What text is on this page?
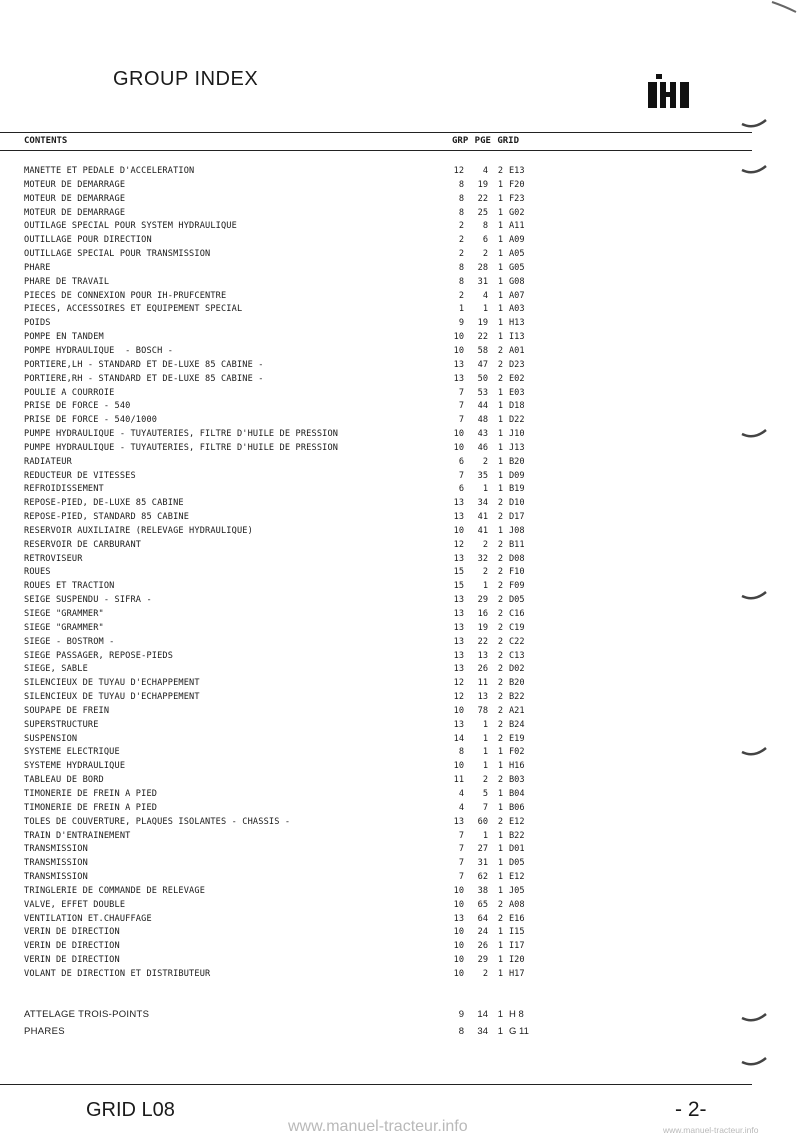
GROUP INDEX
CONTENTS	GRP PGE GRID
MANETTE ET PEDALE D'ACCELERATION	12	4	2 E13
MOTEUR DE DEMARRAGE	8	19	1 F20
MOTEUR DE DEMARRAGE	8	22	1 F23
MOTEUR DE DEMARRAGE	8	25	1 G02
OUTILAGE SPECIAL POUR SYSTEM HYDRAULIQUE	2	8	1 A11
OUTILLAGE POUR DIRECTION	2	6	1 A09
OUTILLAGE SPECIAL POUR TRANSMISSION	2	2	1 A05
PHARE	8	28	1 G05
PHARE DE TRAVAIL	8	31	1 G08
PIECES DE CONNEXION POUR IH-PRUFCENTRE	2	4	1 A07
PIECES, ACCESSOIRES ET EQUIPEMENT SPECIAL	1	1	1 A03
POIDS	9	19	1 H13
POMPE EN TANDEM	10	22	1 I13
POMPE HYDRAULIQUE  - BOSCH -	10	58	2 A01
PORTIERE,LH - STANDARD ET DE-LUXE 85 CABINE -	13	47	2 D23
PORTIERE,RH - STANDARD ET DE-LUXE 85 CABINE -	13	50	2 E02
POULIE A COURROIE	7	53	1 E03
PRISE DE FORCE - 540	7	44	1 D18
PRISE DE FORCE - 540/1000	7	48	1 D22
PUMPE HYDRAULIQUE - TUYAUTERIES, FILTRE D'HUILE DE PRESSION	10	43	1 J10
PUMPE HYDRAULIQUE - TUYAUTERIES, FILTRE D'HUILE DE PRESSION	10	46	1 J13
RADIATEUR	6	2	1 B20
REDUCTEUR DE VITESSES	7	35	1 D09
REFROIDISSEMENT	6	1	1 B19
REPOSE-PIED, DE-LUXE 85 CABINE	13	34	2 D10
REPOSE-PIED, STANDARD 85 CABINE	13	41	2 D17
RESERVOIR AUXILIAIRE (RELEVAGE HYDRAULIQUE)	10	41	1 J08
RESERVOIR DE CARBURANT	12	2	2 B11
RETROVISEUR	13	32	2 D08
ROUES	15	2	2 F10
ROUES ET TRACTION	15	1	2 F09
SEIGE SUSPENDU - SIFRA -	13	29	2 D05
SIEGE "GRAMMER"	13	16	2 C16
SIEGE "GRAMMER"	13	19	2 C19
SIEGE - BOSTROM -	13	22	2 C22
SIEGE PASSAGER, REPOSE-PIEDS	13	13	2 C13
SIEGE, SABLE	13	26	2 D02
SILENCIEUX DE TUYAU D'ECHAPPEMENT	12	11	2 B20
SILENCIEUX DE TUYAU D'ECHAPPEMENT	12	13	2 B22
SOUPAPE DE FREIN	10	78	2 A21
SUPERSTRUCTURE	13	1	2 B24
SUSPENSION	14	1	2 E19
SYSTEME ELECTRIQUE	8	1	1 F02
SYSTEME HYDRAULIQUE	10	1	1 H16
TABLEAU DE BORD	11	2	2 B03
TIMONERIE DE FREIN A PIED	4	5	1 B04
TIMONERIE DE FREIN A PIED	4	7	1 B06
TOLES DE COUVERTURE, PLAQUES ISOLANTES - CHASSIS -	13	60	2 E12
TRAIN D'ENTRAINEMENT	7	1	1 B22
TRANSMISSION	7	27	1 D01
TRANSMISSION	7	31	1 D05
TRANSMISSION	7	62	1 E12
TRINGLERIE DE COMMANDE DE RELEVAGE	10	38	1 J05
VALVE, EFFET DOUBLE	10	65	2 A08
VENTILATION ET.CHAUFFAGE	13	64	2 E16
VERIN DE DIRECTION	10	24	1 I15
VERIN DE DIRECTION	10	26	1 I17
VERIN DE DIRECTION	10	29	1 I20
VOLANT DE DIRECTION ET DISTRIBUTEUR	10	2	1 H17
ATTELAGE TROIS-POINTS	9	14	1 H 8
PHARES	8	34	1 G 11
GRID L08	- 2-
www.manuel-tracteur.info	www.manuel-tracteur.info
